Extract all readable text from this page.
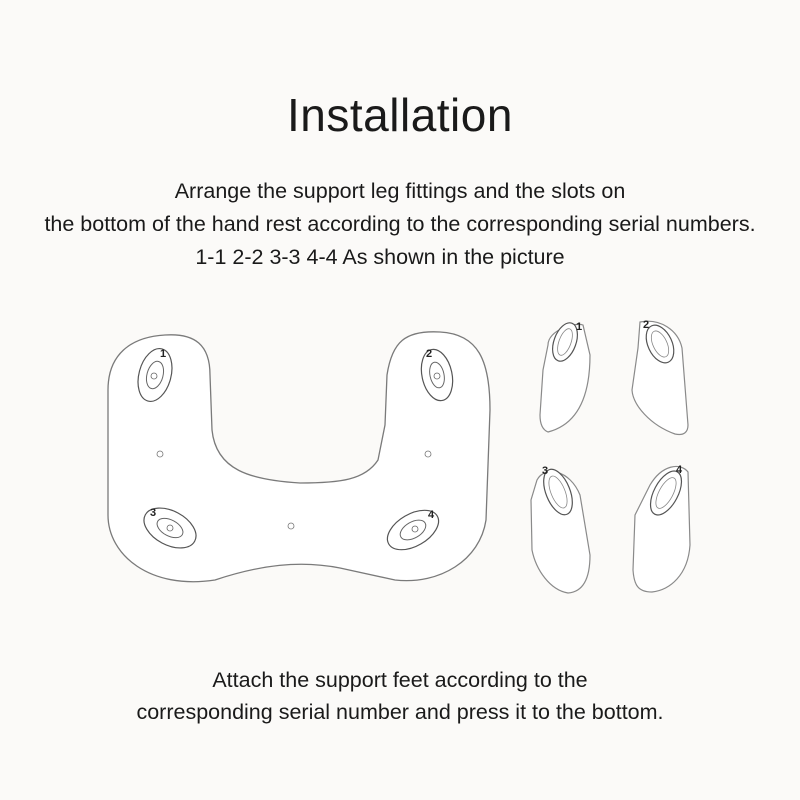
Installation
Arrange the support leg fittings and the slots on
the bottom of the hand rest according to the corresponding serial numbers.
1-1 2-2 3-3 4-4 As shown in the picture
1	2
3	4
1	2
3	4
Attach the support feet according to the
corresponding serial number and press it to the bottom.
